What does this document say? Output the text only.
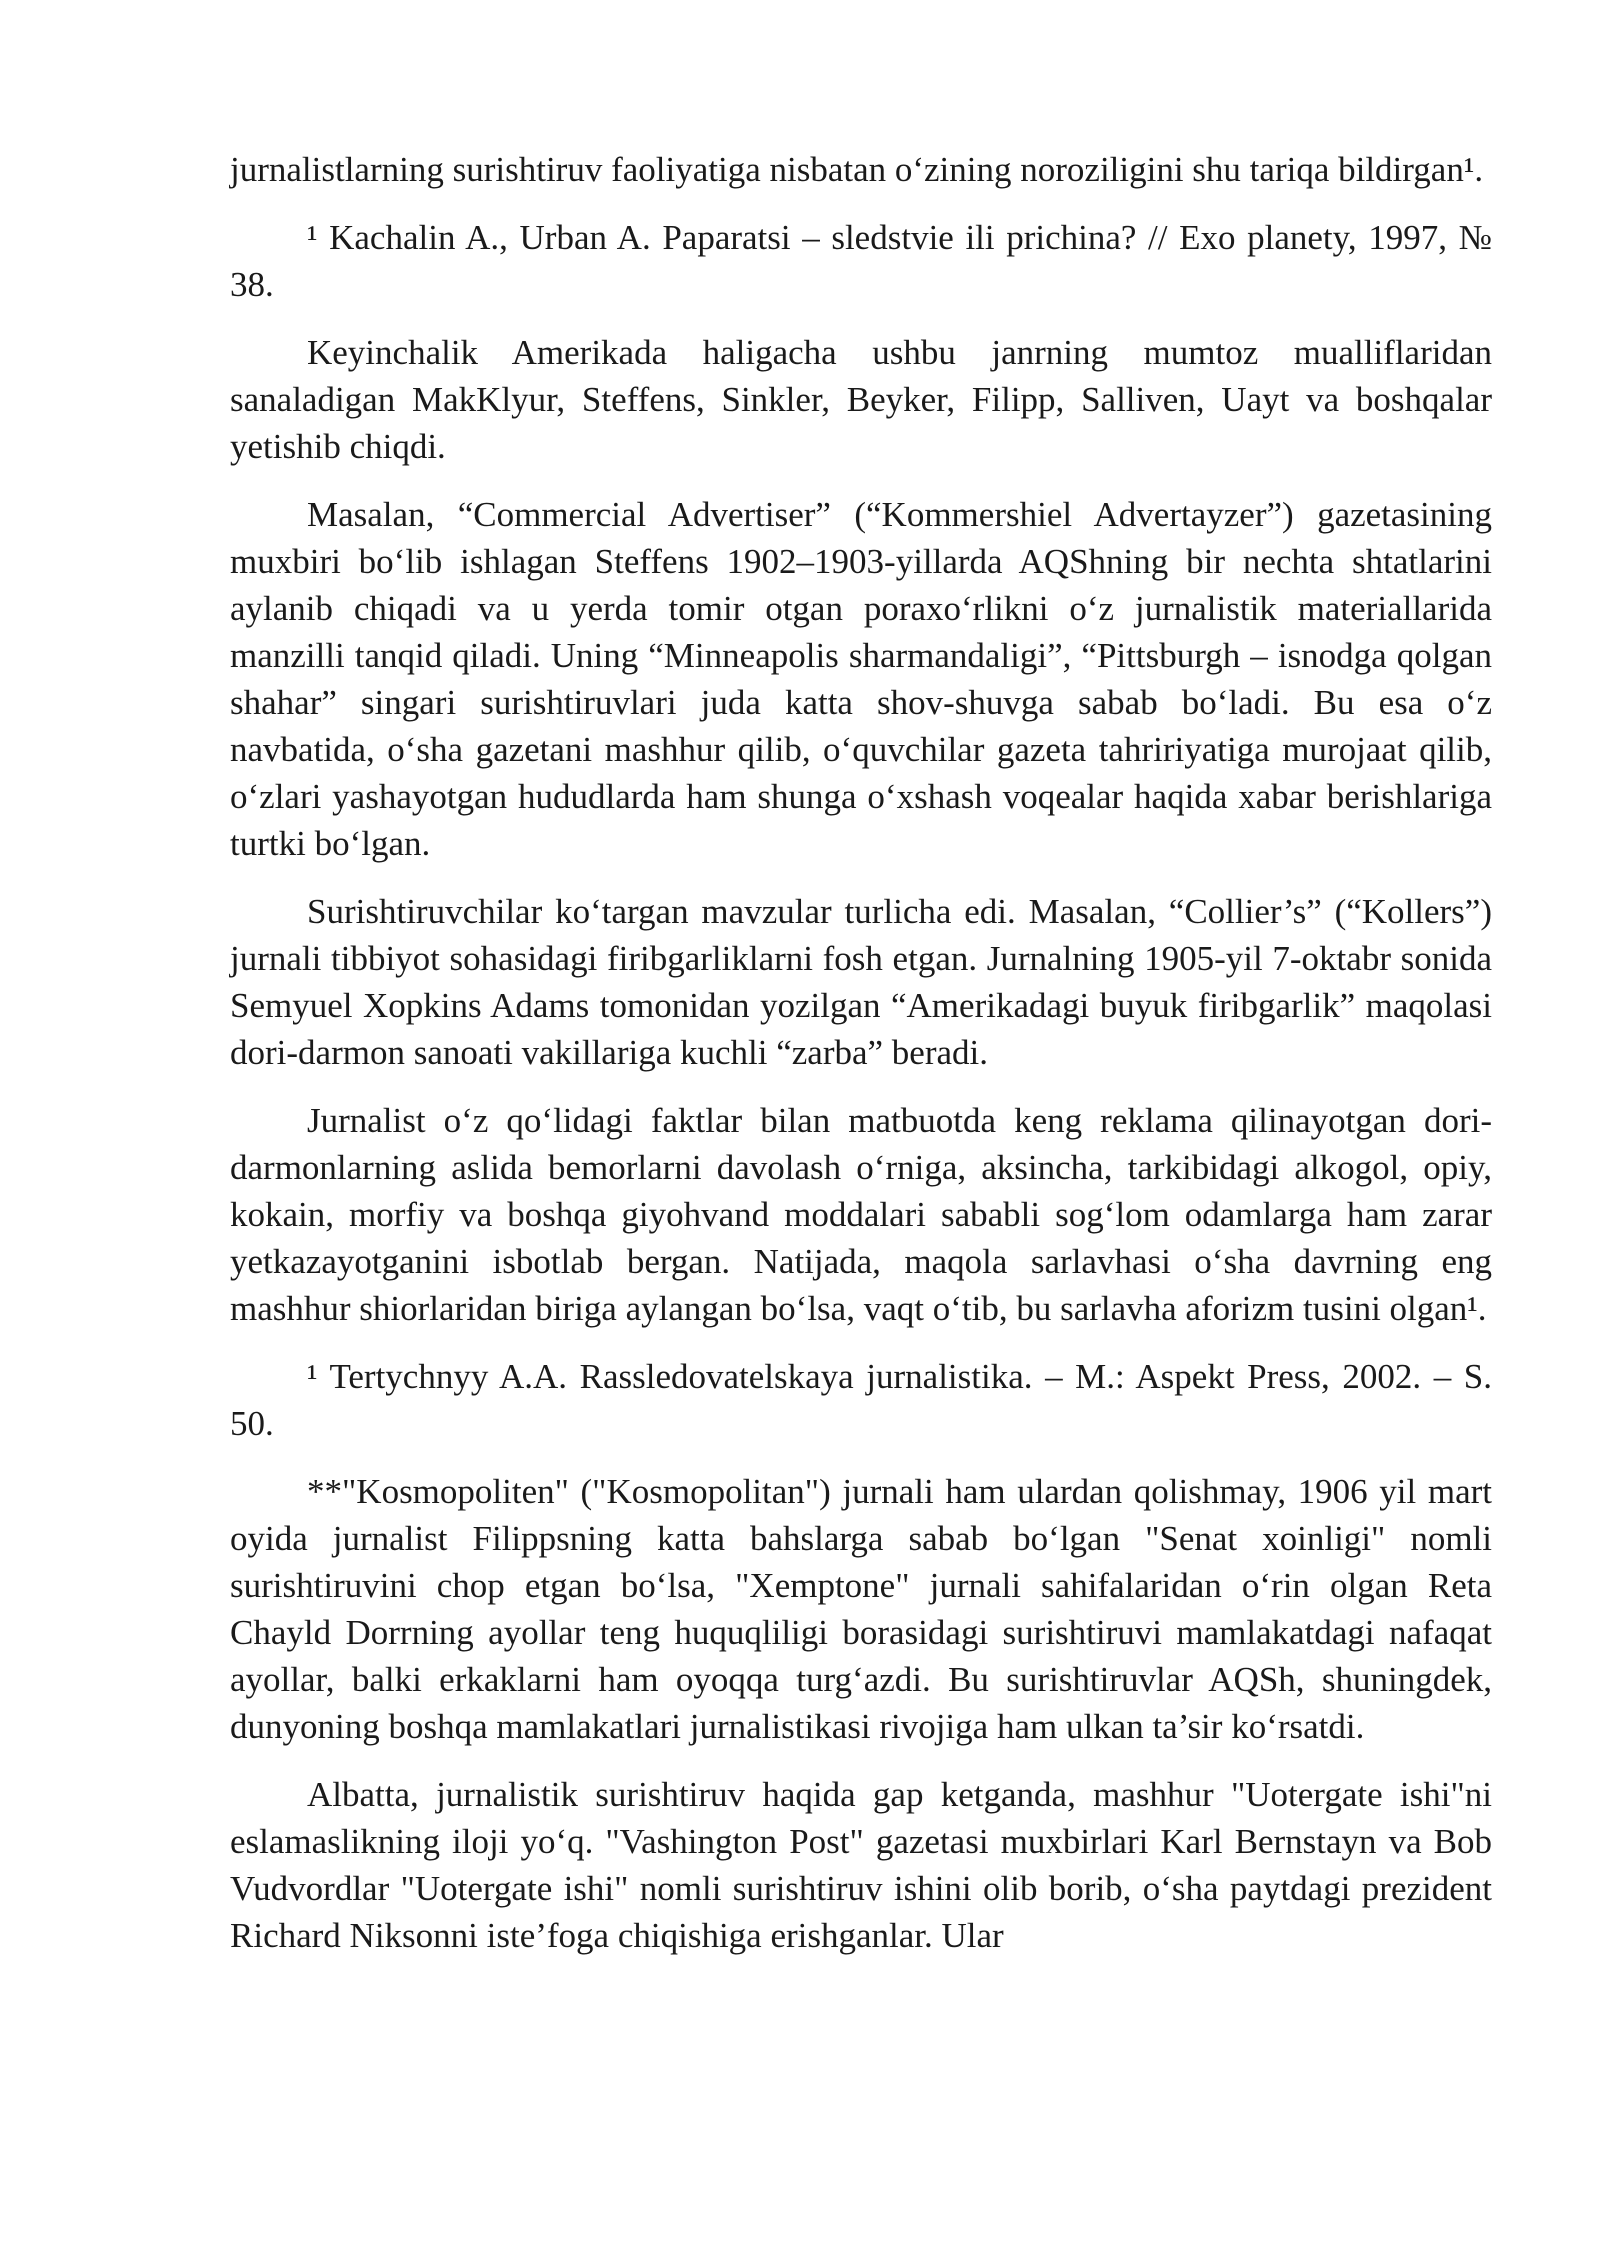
jurnalistlarning surishtiruv faoliyatiga nisbatan o‘zining noroziligini shu tariqa bildirgan¹.

¹ Kachalin A., Urban A. Paparatsi – sledstvie ili prichina? // Exo planety, 1997, № 38.

Keyinchalik Amerikada haligacha ushbu janrning mumtoz mualliflaridan sanaladigan MakKlyur, Steffens, Sinkler, Beyker, Filipp, Salliven, Uayt va boshqalar yetishib chiqdi.

Masalan, “Commercial Advertiser” (“Kommershiel Advertayzer”) gazetasining muxbiri bo‘lib ishlagan Steffens 1902–1903-yillarda AQShning bir nechta shtatlarini aylanib chiqadi va u yerda tomir otgan poraxo‘rlikni o‘z jurnalistik materiallarida manzilli tanqid qiladi. Uning “Minneapolis sharmandaligi”, “Pittsburgh – isnodga qolgan shahar” singari surishtiruvlari juda katta shov-shuvga sabab bo‘ladi. Bu esa o‘z navbatida, o‘sha gazetani mashhur qilib, o‘quvchilar gazeta tahririyatiga murojaat qilib, o‘zlari yashayotgan hududlarda ham shunga o‘xshash voqealar haqida xabar berishlariga turtki bo‘lgan.

Surishtiruvchilar ko‘targan mavzular turlicha edi. Masalan, “Collier’s” (“Kollers”) jurnali tibbiyot sohasidagi firibgarliklarni fosh etgan. Jurnalning 1905-yil 7-oktabr sonida Semyuel Xopkins Adams tomonidan yozilgan “Amerikadagi buyuk firibgarlik” maqolasi dori-darmon sanoati vakillariga kuchli “zarba” beradi.

Jurnalist o‘z qo‘lidagi faktlar bilan matbuotda keng reklama qilinayotgan dori-darmonlarning aslida bemorlarni davolash o‘rniga, aksincha, tarkibidagi alkogol, opiy, kokain, morfiy va boshqa giyohvand moddalari sababli sog‘lom odamlarga ham zarar yetkazayotganini isbotlab bergan. Natijada, maqola sarlavhasi o‘sha davrning eng mashhur shiorlaridan biriga aylangan bo‘lsa, vaqt o‘tib, bu sarlavha aforizm tusini olgan¹.

¹ Tertychnyy A.A. Rassledovatelskaya jurnalistika. – M.: Aspekt Press, 2002. – S. 50.

**"Kosmopoliten" ("Kosmopolitan") jurnali ham ulardan qolishmay, 1906 yil mart oyida jurnalist Filippsning katta bahslarga sabab bo‘lgan "Senat xoinligi" nomli surishtiruvini chop etgan bo‘lsa, "Xemptone" jurnali sahifalaridan o‘rin olgan Reta Chayld Dorrning ayollar teng huquqliligi borasidagi surishtiruvi mamlakatdagi nafaqat ayollar, balki erkaklarni ham oyoqqa turg‘azdi. Bu surishtiruvlar AQSh, shuningdek, dunyoning boshqa mamlakatlari jurnalistikasi rivojiga ham ulkan ta’sir ko‘rsatdi.

Albatta, jurnalistik surishtiruv haqida gap ketganda, mashhur "Uotergate ishi"ni eslamaslikning iloji yo‘q. "Vashington Post" gazetasi muxbirlari Karl Bernstayn va Bob Vudvordlar "Uotergate ishi" nomli surishtiruv ishini olib borib, o‘sha paytdagi prezident Richard Niksonni iste’foga chiqishiga erishganlar. Ular
